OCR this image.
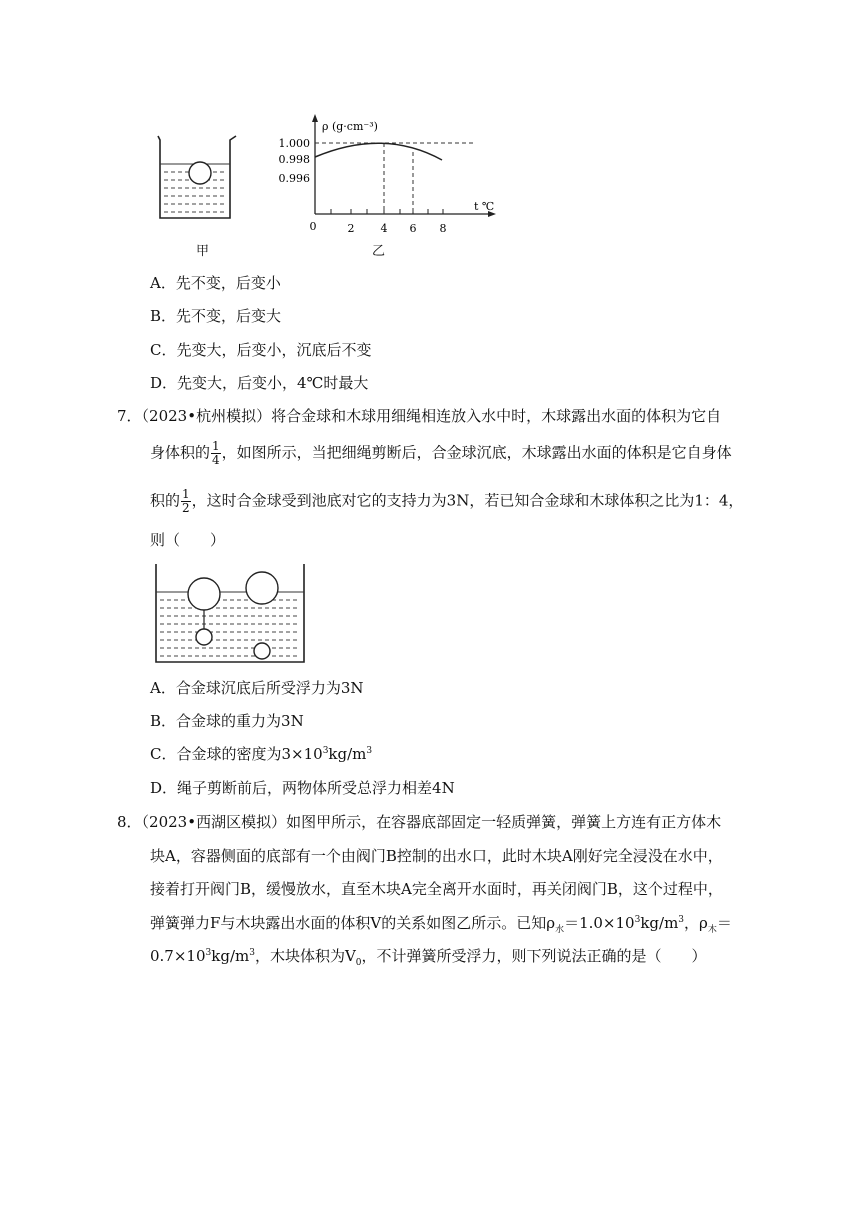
甲
ρ (g·cm⁻³)
t ℃
1.000
0.998
0.996
0	2 4 6 8
乙
A．先不变，后变小
B．先不变，后变大
C．先变大，后变小，沉底后不变
D．先变大，后变小，4℃时最大
7．（2023•杭州模拟）将合金球和木球用细绳相连放入水中时，木球露出水面的体积为它自
身体积的 $\frac{1}{4}$ ，如图所示，当把细绳剪断后，合金球沉底，木球露出水面的体积是它自身体
积的 $\frac{1}{2}$ ，这时合金球受到池底对它的支持力为3N，若已知合金球和木球体积之比为1：4，
则（　　）
A．合金球沉底后所受浮力为3N
B．合金球的重力为3N
C．合金球的密度为$3\times 10^3kg/m^3$
D．绳子剪断前后，两物体所受总浮力相差4N
8．（2023•西湖区模拟）如图甲所示，在容器底部固定一轻质弹簧，弹簧上方连有正方体木
块A，容器侧面的底部有一个由阀门B控制的出水口，此时木块A刚好完全浸没在水中，
接着打开阀门B，缓慢放水，直至木块A完全离开水面时，再关闭阀门B，这个过程中，
弹簧弹力F与木块露出水面的体积V的关系如图乙所示。已知$\rho_水=1.0\times 10^3kg/m^3$，$\rho_木=$
$0.7\times 10^3kg/m^3$，木块体积为$V_0$，不计弹簧所受浮力，则下列说法正确的是（　　）
